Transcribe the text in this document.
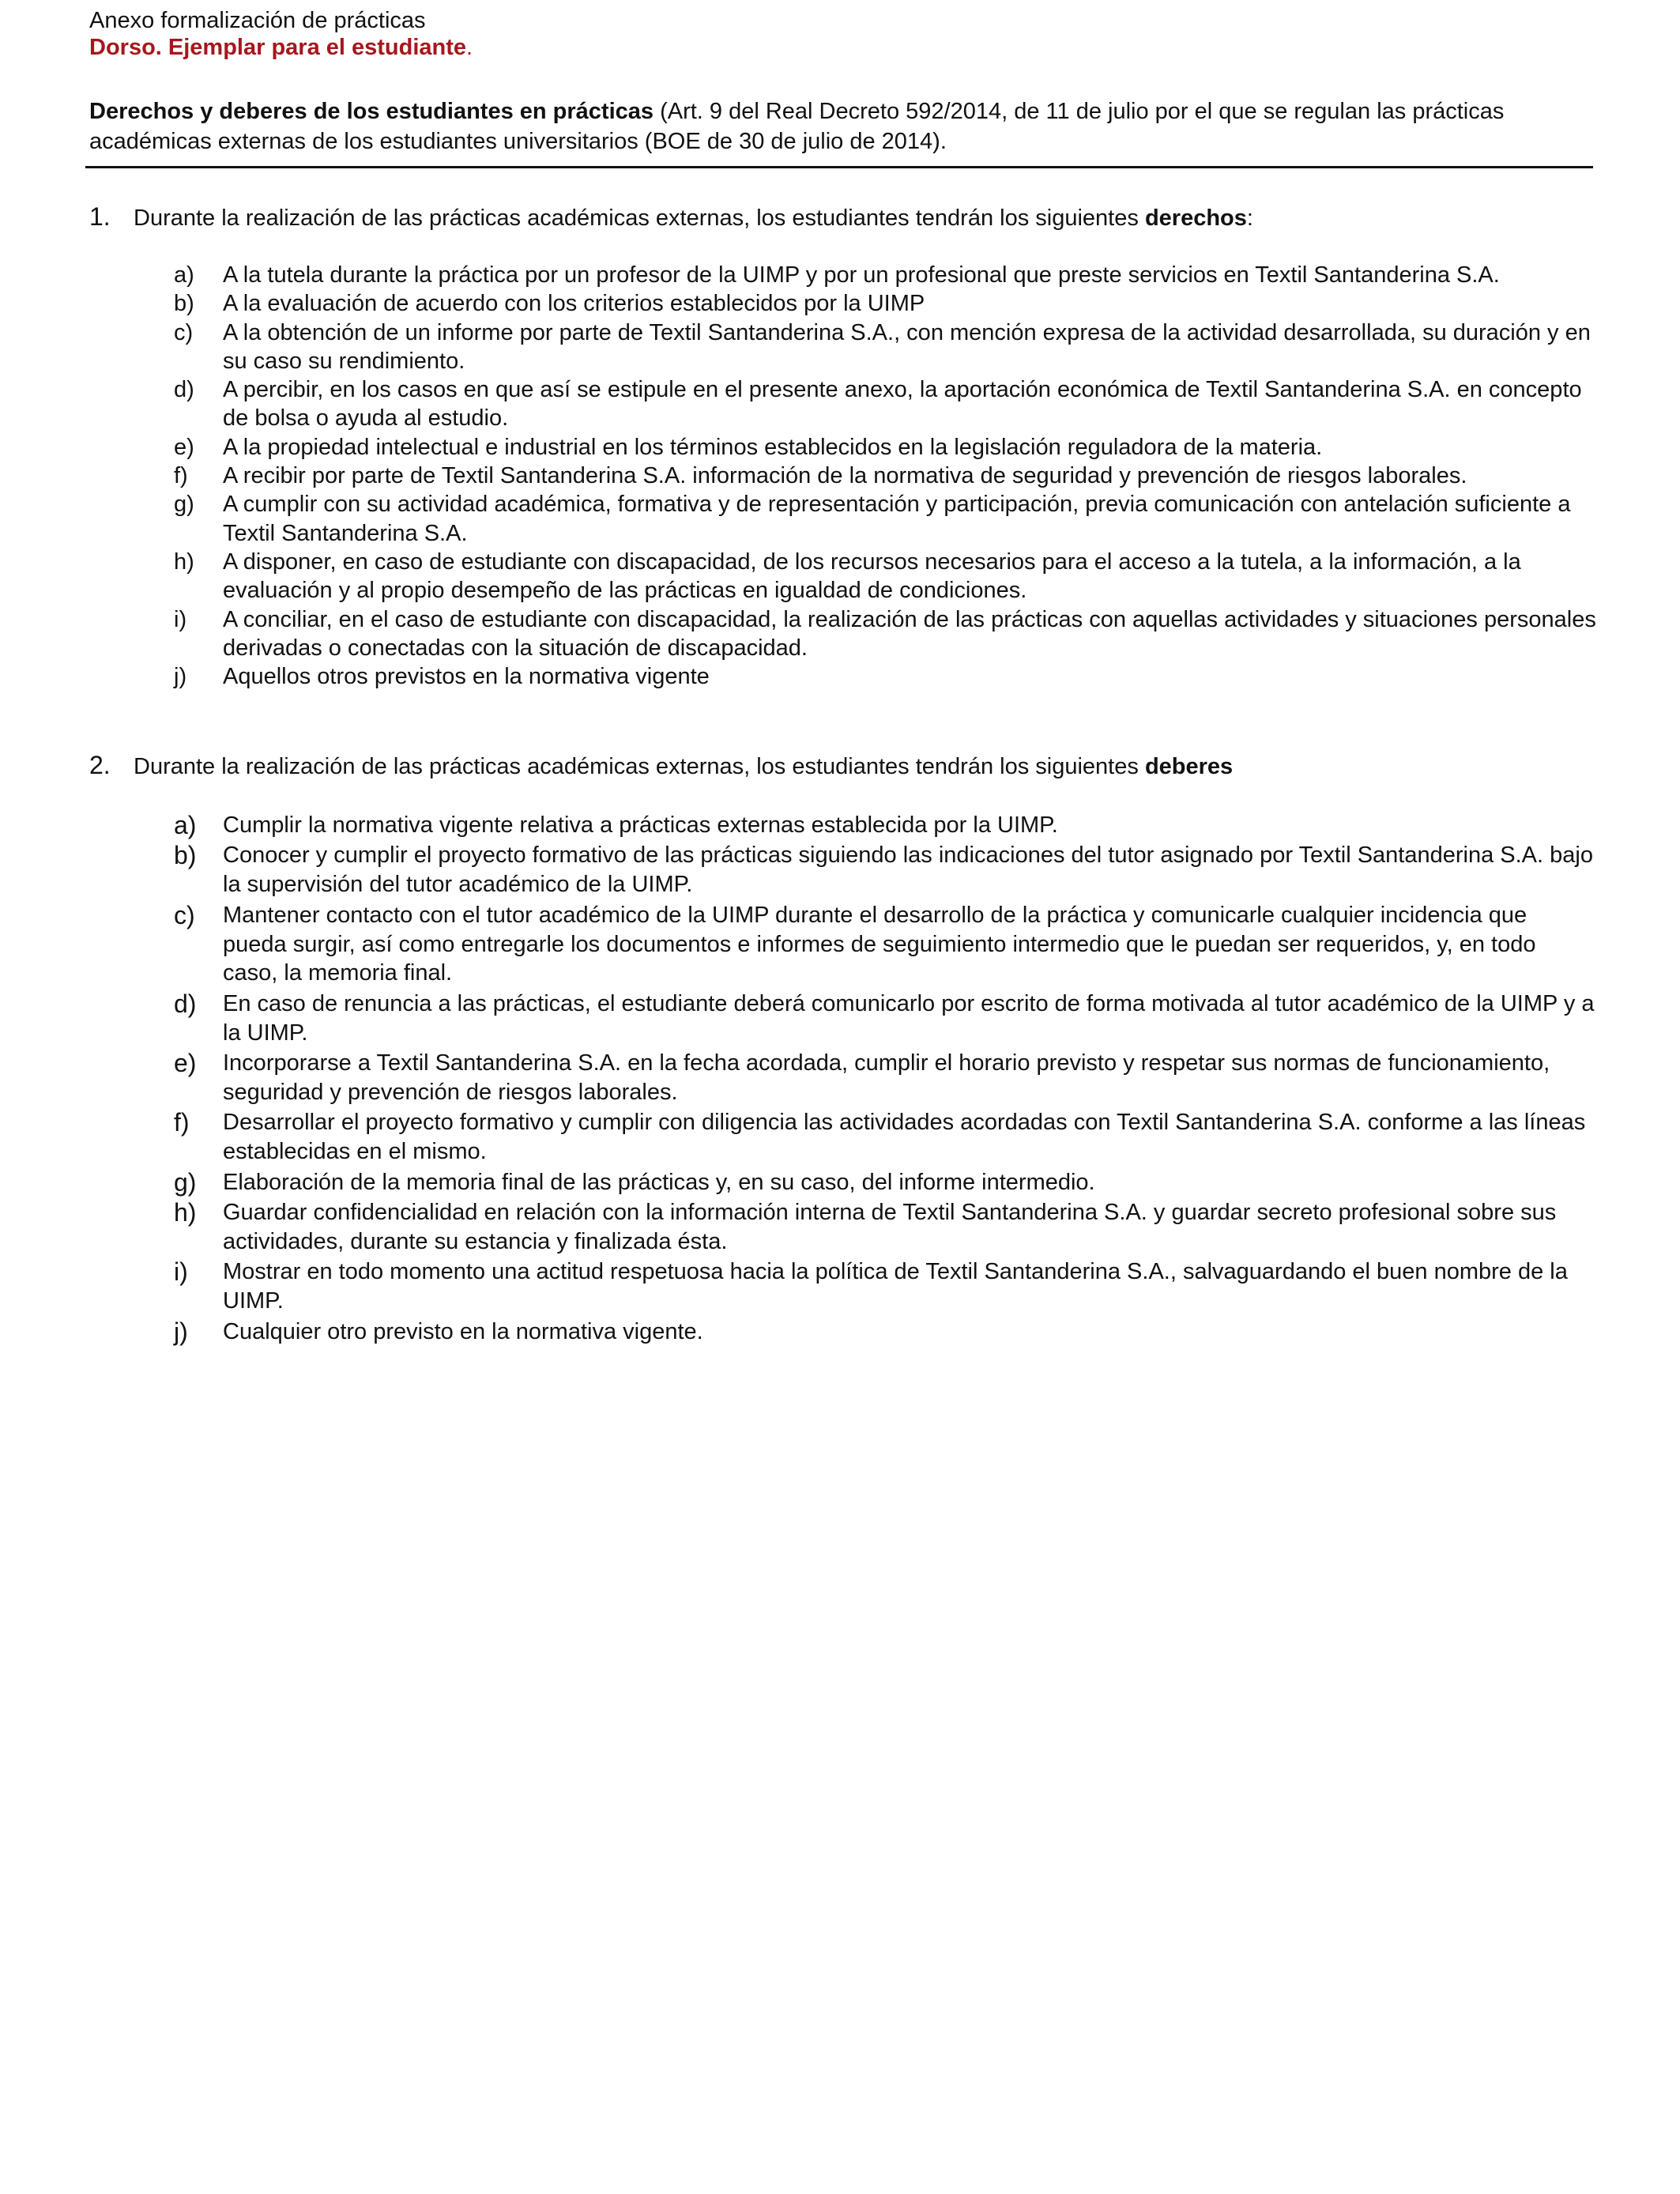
Anexo formalización de prácticas
Dorso. Ejemplar para el estudiante.
Derechos y deberes de los estudiantes en prácticas (Art. 9 del Real Decreto 592/2014, de 11 de julio por el que se regulan las prácticas académicas externas de los estudiantes universitarios (BOE de 30 de julio de 2014).
1. Durante la realización de las prácticas académicas externas, los estudiantes tendrán los siguientes derechos:
a) A la tutela durante la práctica por un profesor de la UIMP y por un profesional que preste servicios en Textil Santanderina S.A.
b) A la evaluación de acuerdo con los criterios establecidos por la UIMP
c) A la obtención de un informe por parte de Textil Santanderina S.A., con mención expresa de la actividad desarrollada, su duración y en su caso su rendimiento.
d) A percibir, en los casos en que así se estipule en el presente anexo, la aportación económica de Textil Santanderina S.A. en concepto de bolsa o ayuda al estudio.
e) A la propiedad intelectual e industrial en los términos establecidos en la legislación reguladora de la materia.
f) A recibir por parte de Textil Santanderina S.A. información de la normativa de seguridad y prevención de riesgos laborales.
g) A cumplir con su actividad académica, formativa y de representación y participación, previa comunicación con antelación suficiente a Textil Santanderina S.A.
h) A disponer, en caso de estudiante con discapacidad, de los recursos necesarios para el acceso a la tutela, a la información, a la evaluación y al propio desempeño de las prácticas en igualdad de condiciones.
i) A conciliar, en el caso de estudiante con discapacidad, la realización de las prácticas con aquellas actividades y situaciones personales derivadas o conectadas con la situación de discapacidad.
j) Aquellos otros previstos en la normativa vigente
2. Durante la realización de las prácticas académicas externas, los estudiantes tendrán los siguientes deberes
a) Cumplir la normativa vigente relativa a prácticas externas establecida por la UIMP.
b) Conocer y cumplir el proyecto formativo de las prácticas siguiendo las indicaciones del tutor asignado por Textil Santanderina S.A. bajo la supervisión del tutor académico de la UIMP.
c) Mantener contacto con el tutor académico de la UIMP durante el desarrollo de la práctica y comunicarle cualquier incidencia que pueda surgir, así como entregarle los documentos e informes de seguimiento intermedio que le puedan ser requeridos, y, en todo caso, la memoria final.
d) En caso de renuncia a las prácticas, el estudiante deberá comunicarlo por escrito de forma motivada al tutor académico de la UIMP y a la UIMP.
e) Incorporarse a Textil Santanderina S.A. en la fecha acordada, cumplir el horario previsto y respetar sus normas de funcionamiento, seguridad y prevención de riesgos laborales.
f) Desarrollar el proyecto formativo y cumplir con diligencia las actividades acordadas con Textil Santanderina S.A. conforme a las líneas establecidas en el mismo.
g) Elaboración de la memoria final de las prácticas y, en su caso, del informe intermedio.
h) Guardar confidencialidad en relación con la información interna de Textil Santanderina S.A. y guardar secreto profesional sobre sus actividades, durante su estancia y finalizada ésta.
i) Mostrar en todo momento una actitud respetuosa hacia la política de Textil Santanderina S.A., salvaguardando el buen nombre de la UIMP.
j) Cualquier otro previsto en la normativa vigente.
